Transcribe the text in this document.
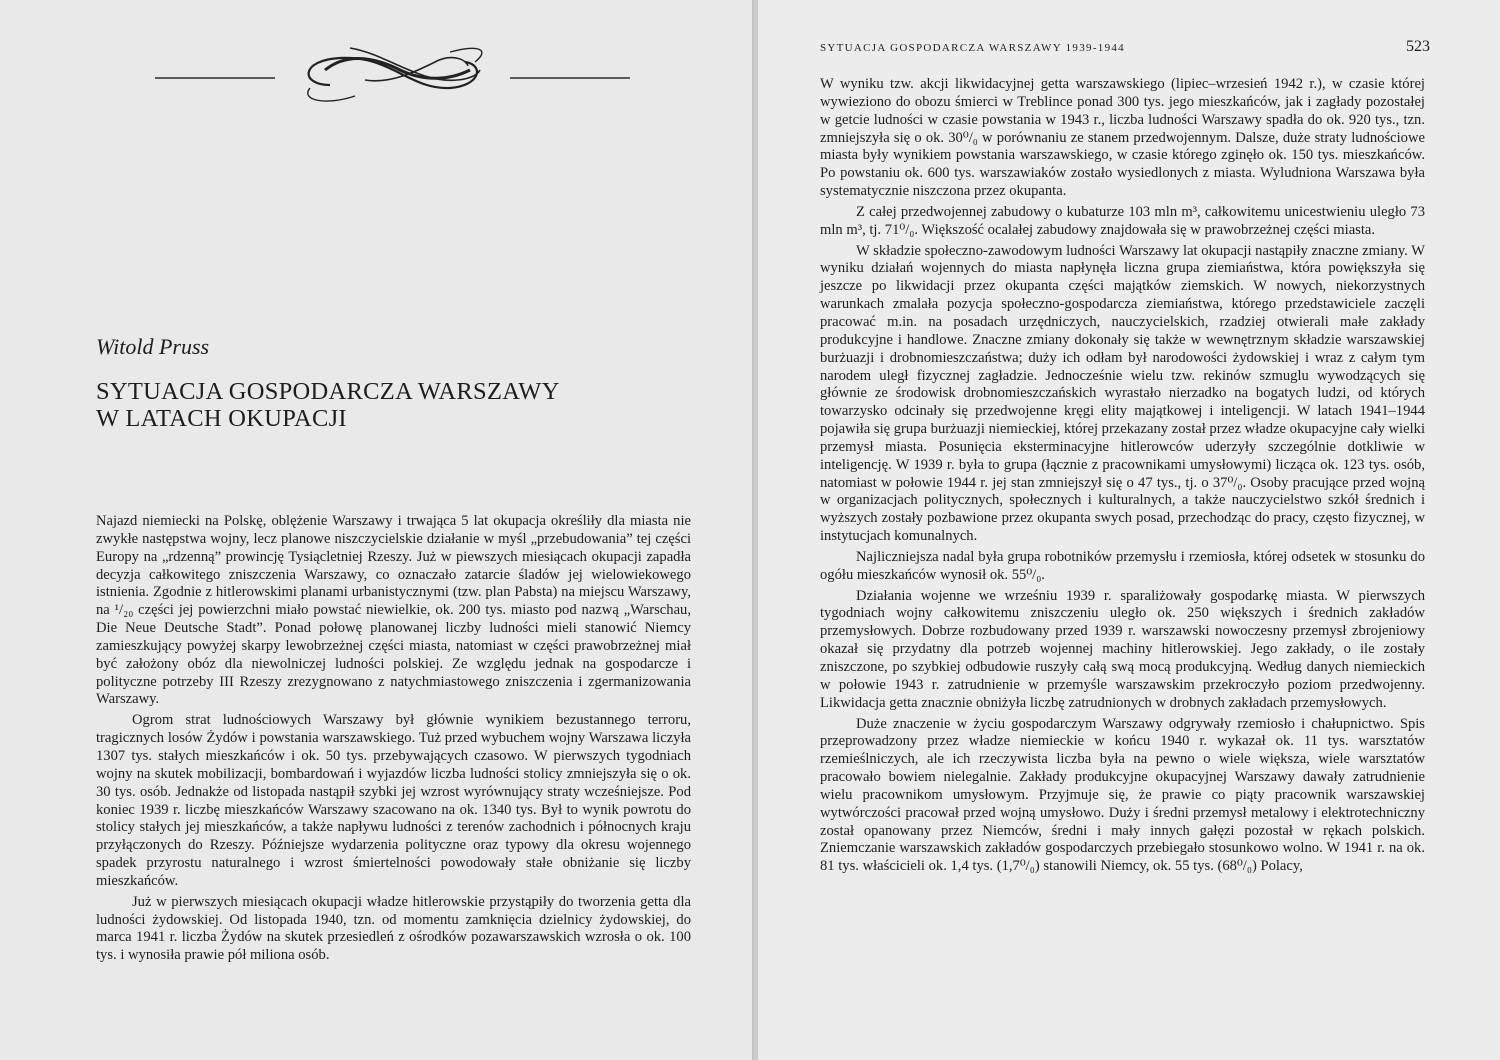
Witold Pruss
SYTUACJA GOSPODARCZA WARSZAWY
W LATACH OKUPACJI

Najazd niemiecki na Polskę, oblężenie Warszawy i trwająca 5 lat okupacja określiły dla miasta nie zwykłe następstwa wojny, lecz planowe niszczycielskie działanie w myśl „przebudowania” tej części Europy na „rdzenną” prowincję Tysiącletniej Rzeszy. Już w piewszych miesiącach okupacji zapadła decyzja całkowitego zniszczenia Warszawy, co oznaczało zatarcie śladów jej wielowiekowego istnienia. Zgodnie z hitlerowskimi planami urbanistycznymi (tzw. plan Pabsta) na miejscu Warszawy, na ¹/₂₀ części jej powierzchni miało powstać niewielkie, ok. 200 tys. miasto pod nazwą „Warschau, Die Neue Deutsche Stadt”. Ponad połowę planowanej liczby ludności mieli stanowić Niemcy zamieszkujący powyżej skarpy lewobrzeżnej części miasta, natomiast w części prawobrzeżnej miał być założony obóz dla niewolniczej ludności polskiej. Ze względu jednak na gospodarcze i polityczne potrzeby III Rzeszy zrezygnowano z natychmiastowego zniszczenia i zgermanizowania Warszawy.

Ogrom strat ludnościowych Warszawy był głównie wynikiem bezustannego terroru, tragicznych losów Żydów i powstania warszawskiego. Tuż przed wybuchem wojny Warszawa liczyła 1307 tys. stałych mieszkańców i ok. 50 tys. przebywających czasowo. W pierwszych tygodniach wojny na skutek mobilizacji, bombardowań i wyjazdów liczba ludności stolicy zmniejszyła się o ok. 30 tys. osób. Jednakże od listopada nastąpił szybki jej wzrost wyrównujący straty wcześniejsze. Pod koniec 1939 r. liczbę mieszkańców Warszawy szacowano na ok. 1340 tys. Był to wynik powrotu do stolicy stałych jej mieszkańców, a także napływu ludności z terenów zachodnich i północnych kraju przyłączonych do Rzeszy. Późniejsze wydarzenia polityczne oraz typowy dla okresu wojennego spadek przyrostu naturalnego i wzrost śmiertelności powodowały stałe obniżanie się liczby mieszkańców.

Już w pierwszych miesiącach okupacji władze hitlerowskie przystąpiły do tworzenia getta dla ludności żydowskiej. Od listopada 1940, tzn. od momentu zamknięcia dzielnicy żydowskiej, do marca 1941 r. liczba Żydów na skutek przesiedleń z ośrodków pozawarszawskich wzrosła o ok. 100 tys. i wynosiła prawie pół miliona osób.

SYTUACJA GOSPODARCZA WARSZAWY 1939-1944	523

W wyniku tzw. akcji likwidacyjnej getta warszawskiego (lipiec–wrzesień 1942 r.), w czasie której wywieziono do obozu śmierci w Treblince ponad 300 tys. jego mieszkańców, jak i zagłady pozostałej w getcie ludności w czasie powstania w 1943 r., liczba ludności Warszawy spadła do ok. 920 tys., tzn. zmniejszyła się o ok. 30⁰/₀ w porównaniu ze stanem przedwojennym. Dalsze, duże straty ludnościowe miasta były wynikiem powstania warszawskiego, w czasie którego zginęło ok. 150 tys. mieszkańców. Po powstaniu ok. 600 tys. warszawiaków zostało wysiedlonych z miasta. Wyludniona Warszawa była systematycznie niszczona przez okupanta.

Z całej przedwojennej zabudowy o kubaturze 103 mln m³, całkowitemu unicestwieniu uległo 73 mln m³, tj. 71⁰/₀. Większość ocalałej zabudowy znajdowała się w prawobrzeżnej części miasta.

W składzie społeczno-zawodowym ludności Warszawy lat okupacji nastąpiły znaczne zmiany. W wyniku działań wojennych do miasta napłynęła liczna grupa ziemiaństwa, która powiększyła się jeszcze po likwidacji przez okupanta części majątków ziemskich. W nowych, niekorzystnych warunkach zmalała pozycja społeczno-gospodarcza ziemiaństwa, którego przedstawiciele zaczęli pracować m.in. na posadach urzędniczych, nauczycielskich, rzadziej otwierali małe zakłady produkcyjne i handlowe. Znaczne zmiany dokonały się także w wewnętrznym składzie warszawskiej burżuazji i drobnomieszczaństwa; duży ich odłam był narodowości żydowskiej i wraz z całym tym narodem uległ fizycznej zagładzie. Jednocześnie wielu tzw. rekinów szmuglu wywodzących się głównie ze środowisk drobnomieszczańskich wyrastało nierzadko na bogatych ludzi, od których towarzysko odcinały się przedwojenne kręgi elity majątkowej i inteligencji. W latach 1941–1944 pojawiła się grupa burżuazji niemieckiej, której przekazany został przez władze okupacyjne cały wielki przemysł miasta. Posunięcia eksterminacyjne hitlerowców uderzyły szczególnie dotkliwie w inteligencję. W 1939 r. była to grupa (łącznie z pracownikami umysłowymi) licząca ok. 123 tys. osób, natomiast w połowie 1944 r. jej stan zmniejszył się o 47 tys., tj. o 37⁰/₀. Osoby pracujące przed wojną w organizacjach politycznych, społecznych i kulturalnych, a także nauczycielstwo szkół średnich i wyższych zostały pozbawione przez okupanta swych posad, przechodząc do pracy, często fizycznej, w instytucjach komunalnych.

Najliczniejsza nadal była grupa robotników przemysłu i rzemiosła, której odsetek w stosunku do ogółu mieszkańców wynosił ok. 55⁰/₀.

Działania wojenne we wrześniu 1939 r. sparaliżowały gospodarkę miasta. W pierwszych tygodniach wojny całkowitemu zniszczeniu uległo ok. 250 większych i średnich zakładów przemysłowych. Dobrze rozbudowany przed 1939 r. warszawski nowoczesny przemysł zbrojeniowy okazał się przydatny dla potrzeb wojennej machiny hitlerowskiej. Jego zakłady, o ile zostały zniszczone, po szybkiej odbudowie ruszyły całą swą mocą produkcyjną. Według danych niemieckich w połowie 1943 r. zatrudnienie w przemyśle warszawskim przekroczyło poziom przedwojenny. Likwidacja getta znacznie obniżyła liczbę zatrudnionych w drobnych zakładach przemysłowych.

Duże znaczenie w życiu gospodarczym Warszawy odgrywały rzemiosło i chałupnictwo. Spis przeprowadzony przez władze niemieckie w końcu 1940 r. wykazał ok. 11 tys. warsztatów rzemieślniczych, ale ich rzeczywista liczba była na pewno o wiele większa, wiele warsztatów pracowało bowiem nielegalnie. Zakłady produkcyjne okupacyjnej Warszawy dawały zatrudnienie wielu pracownikom umysłowym. Przyjmuje się, że prawie co piąty pracownik warszawskiej wytwórczości pracował przed wojną umysłowo. Duży i średni przemysł metalowy i elektrotechniczny został opanowany przez Niemców, średni i mały innych gałęzi pozostał w rękach polskich. Zniemczanie warszawskich zakładów gospodarczych przebiegało stosunkowo wolno. W 1941 r. na ok. 81 tys. właścicieli ok. 1,4 tys. (1,7⁰/₀) stanowili Niemcy, ok. 55 tys. (68⁰/₀) Polacy,
